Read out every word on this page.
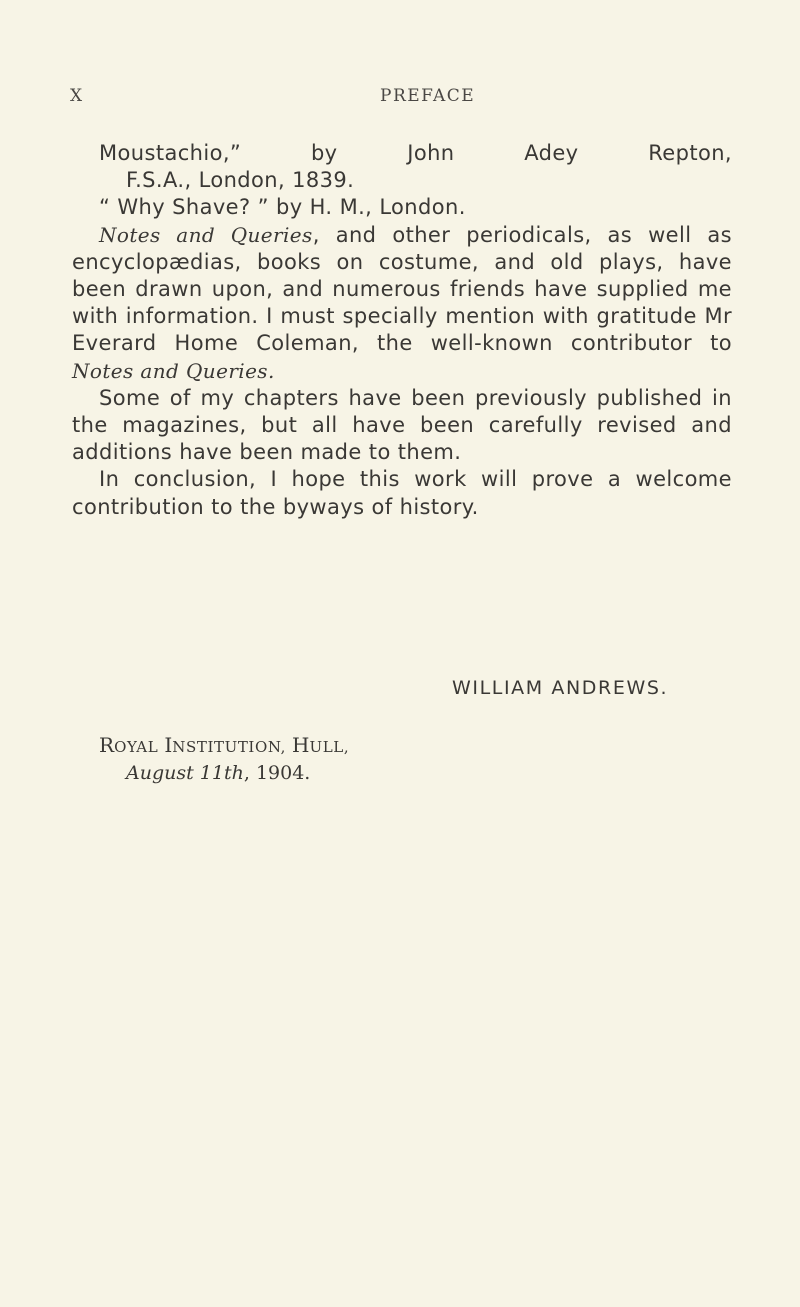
X	PREFACE

Moustachio,” by John Adey Repton,

F.S.A., London, 1839.

“ Why Shave? ” by H. M., London.

Notes and Queries, and other periodicals, as well as encyclopædias, books on costume, and old plays, have been drawn upon, and numerous friends have supplied me with information. I must specially mention with gratitude Mr Everard Home Coleman, the well-known contributor to Notes and Queries.

Some of my chapters have been previously published in the magazines, but all have been carefully revised and additions have been made to them.

In conclusion, I hope this work will prove a welcome contribution to the byways of history.

WILLIAM ANDREWS.
ROYAL INSTITUTION, HULL,
August 11th, 1904.
